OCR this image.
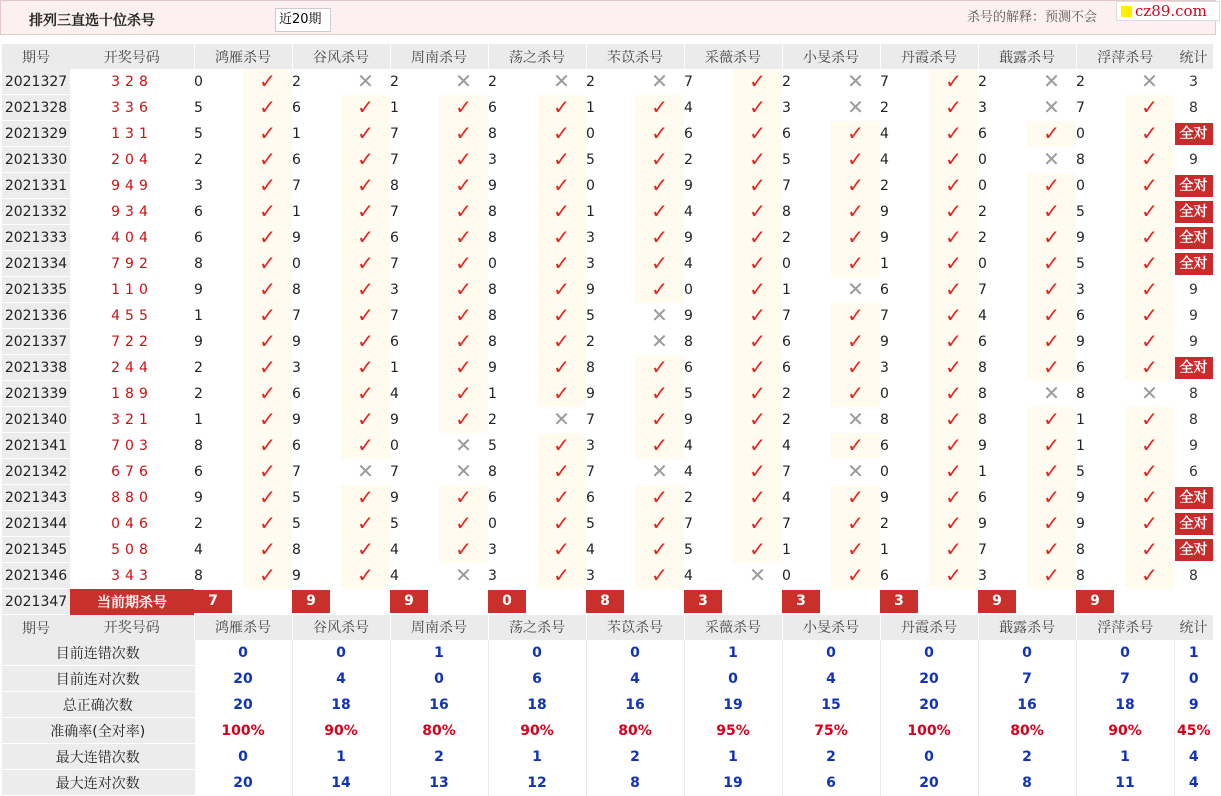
排列三直选十位杀号	近20期	杀号的解释：预测不会	cz89.com
期号	开奖号码	鸿雁杀号		谷风杀号		周南杀号		荡之杀号		芣苡杀号		采薇杀号		小旻杀号		丹霞杀号		蕺露杀号		浮萍杀号		统计
2021327	328	0	✓	2	✕	2	✕	2	✕	2	✕	7	✓	2	✕	7	✓	2	✕	2	✕	3
2021328	336	5	✓	6	✓	1	✓	6	✓	1	✓	4	✓	3	✕	2	✓	3	✕	7	✓	8
2021329	131	5	✓	1	✓	7	✓	8	✓	0	✓	6	✓	6	✓	4	✓	6	✓	0	✓	全对
2021330	204	2	✓	6	✓	7	✓	3	✓	5	✓	2	✓	5	✓	4	✓	0	✕	8	✓	9
2021331	949	3	✓	7	✓	8	✓	9	✓	0	✓	9	✓	7	✓	2	✓	0	✓	0	✓	全对
2021332	934	6	✓	1	✓	7	✓	8	✓	1	✓	4	✓	8	✓	9	✓	2	✓	5	✓	全对
2021333	404	6	✓	9	✓	6	✓	8	✓	3	✓	9	✓	2	✓	9	✓	2	✓	9	✓	全对
2021334	792	8	✓	0	✓	7	✓	0	✓	3	✓	4	✓	0	✓	1	✓	0	✓	5	✓	全对
2021335	110	9	✓	8	✓	3	✓	8	✓	9	✓	0	✓	1	✕	6	✓	7	✓	3	✓	9
2021336	455	1	✓	7	✓	7	✓	8	✓	5	✕	9	✓	7	✓	7	✓	4	✓	6	✓	9
2021337	722	9	✓	9	✓	6	✓	8	✓	2	✕	8	✓	6	✓	9	✓	6	✓	9	✓	9
2021338	244	2	✓	3	✓	1	✓	9	✓	8	✓	6	✓	6	✓	3	✓	8	✓	6	✓	全对
2021339	189	2	✓	6	✓	4	✓	1	✓	9	✓	5	✓	2	✓	0	✓	8	✕	8	✕	8
2021340	321	1	✓	9	✓	9	✓	2	✕	7	✓	9	✓	2	✕	8	✓	8	✓	1	✓	8
2021341	703	8	✓	6	✓	0	✕	5	✓	3	✓	4	✓	4	✓	6	✓	9	✓	1	✓	9
2021342	676	6	✓	7	✕	7	✕	8	✓	7	✕	4	✓	7	✕	0	✓	1	✓	5	✓	6
2021343	880	9	✓	5	✓	9	✓	6	✓	6	✓	2	✓	4	✓	9	✓	6	✓	9	✓	全对
2021344	046	2	✓	5	✓	5	✓	0	✓	5	✓	7	✓	7	✓	2	✓	9	✓	9	✓	全对
2021345	508	4	✓	8	✓	4	✓	3	✓	4	✓	5	✓	1	✓	1	✓	7	✓	8	✓	全对
2021346	343	8	✓	9	✓	4	✕	3	✓	3	✓	4	✕	0	✓	6	✓	3	✓	8	✓	8
2021347	当前期杀号	7		9		9		0		8		3		3		3		9		9		
期号	开奖号码	鸿雁杀号		谷风杀号		周南杀号		荡之杀号		芣苡杀号		采薇杀号		小旻杀号		丹霞杀号		蕺露杀号		浮萍杀号		统计
目前连错次数		0		0		1		0		0		1		0		0		0		0		1
目前连对次数		20		4		0		6		4		0		4		20		7		7		0
总正确次数		20		18		16		18		16		19		15		20		16		18		9
准确率(全对率)		100%		90%		80%		90%		80%		95%		75%		100%		80%		90%		45%
最大连错次数		0		1		2		1		2		1		2		0		2		1		4
最大连对次数		20		14		13		12		8		19		6		20		8		11		4
